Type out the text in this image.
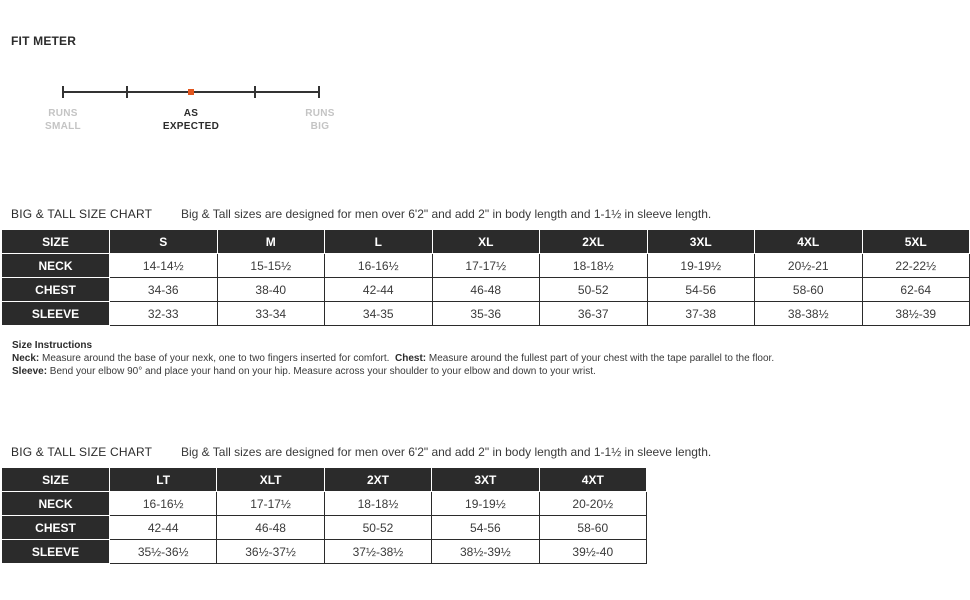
FIT METER
RUNS
SMALL
AS
EXPECTED
RUNS
BIG
BIG & TALL SIZE CHART Big & Tall sizes are designed for men over 6'2" and add 2" in body length and 1-1½ in sleeve length.
SIZE	S	M	L	XL	2XL	3XL	4XL	5XL
NECK	14-14½	15-15½	16-16½	17-17½	18-18½	19-19½	20½-21	22-22½
CHEST	34-36	38-40	42-44	46-48	50-52	54-56	58-60	62-64
SLEEVE	32-33	33-34	34-35	35-36	36-37	37-38	38-38½	38½-39
Size Instructions
Neck: Measure around the base of your nexk, one to two fingers inserted for comfort. Chest: Measure around the fullest part of your chest with the tape parallel to the floor.
Sleeve: Bend your elbow 90° and place your hand on your hip. Measure across your shoulder to your elbow and down to your wrist.
BIG & TALL SIZE CHART Big & Tall sizes are designed for men over 6'2" and add 2" in body length and 1-1½ in sleeve length.
SIZE	LT	XLT	2XT	3XT	4XT
NECK	16-16½	17-17½	18-18½	19-19½	20-20½
CHEST	42-44	46-48	50-52	54-56	58-60
SLEEVE	35½-36½	36½-37½	37½-38½	38½-39½	39½-40
